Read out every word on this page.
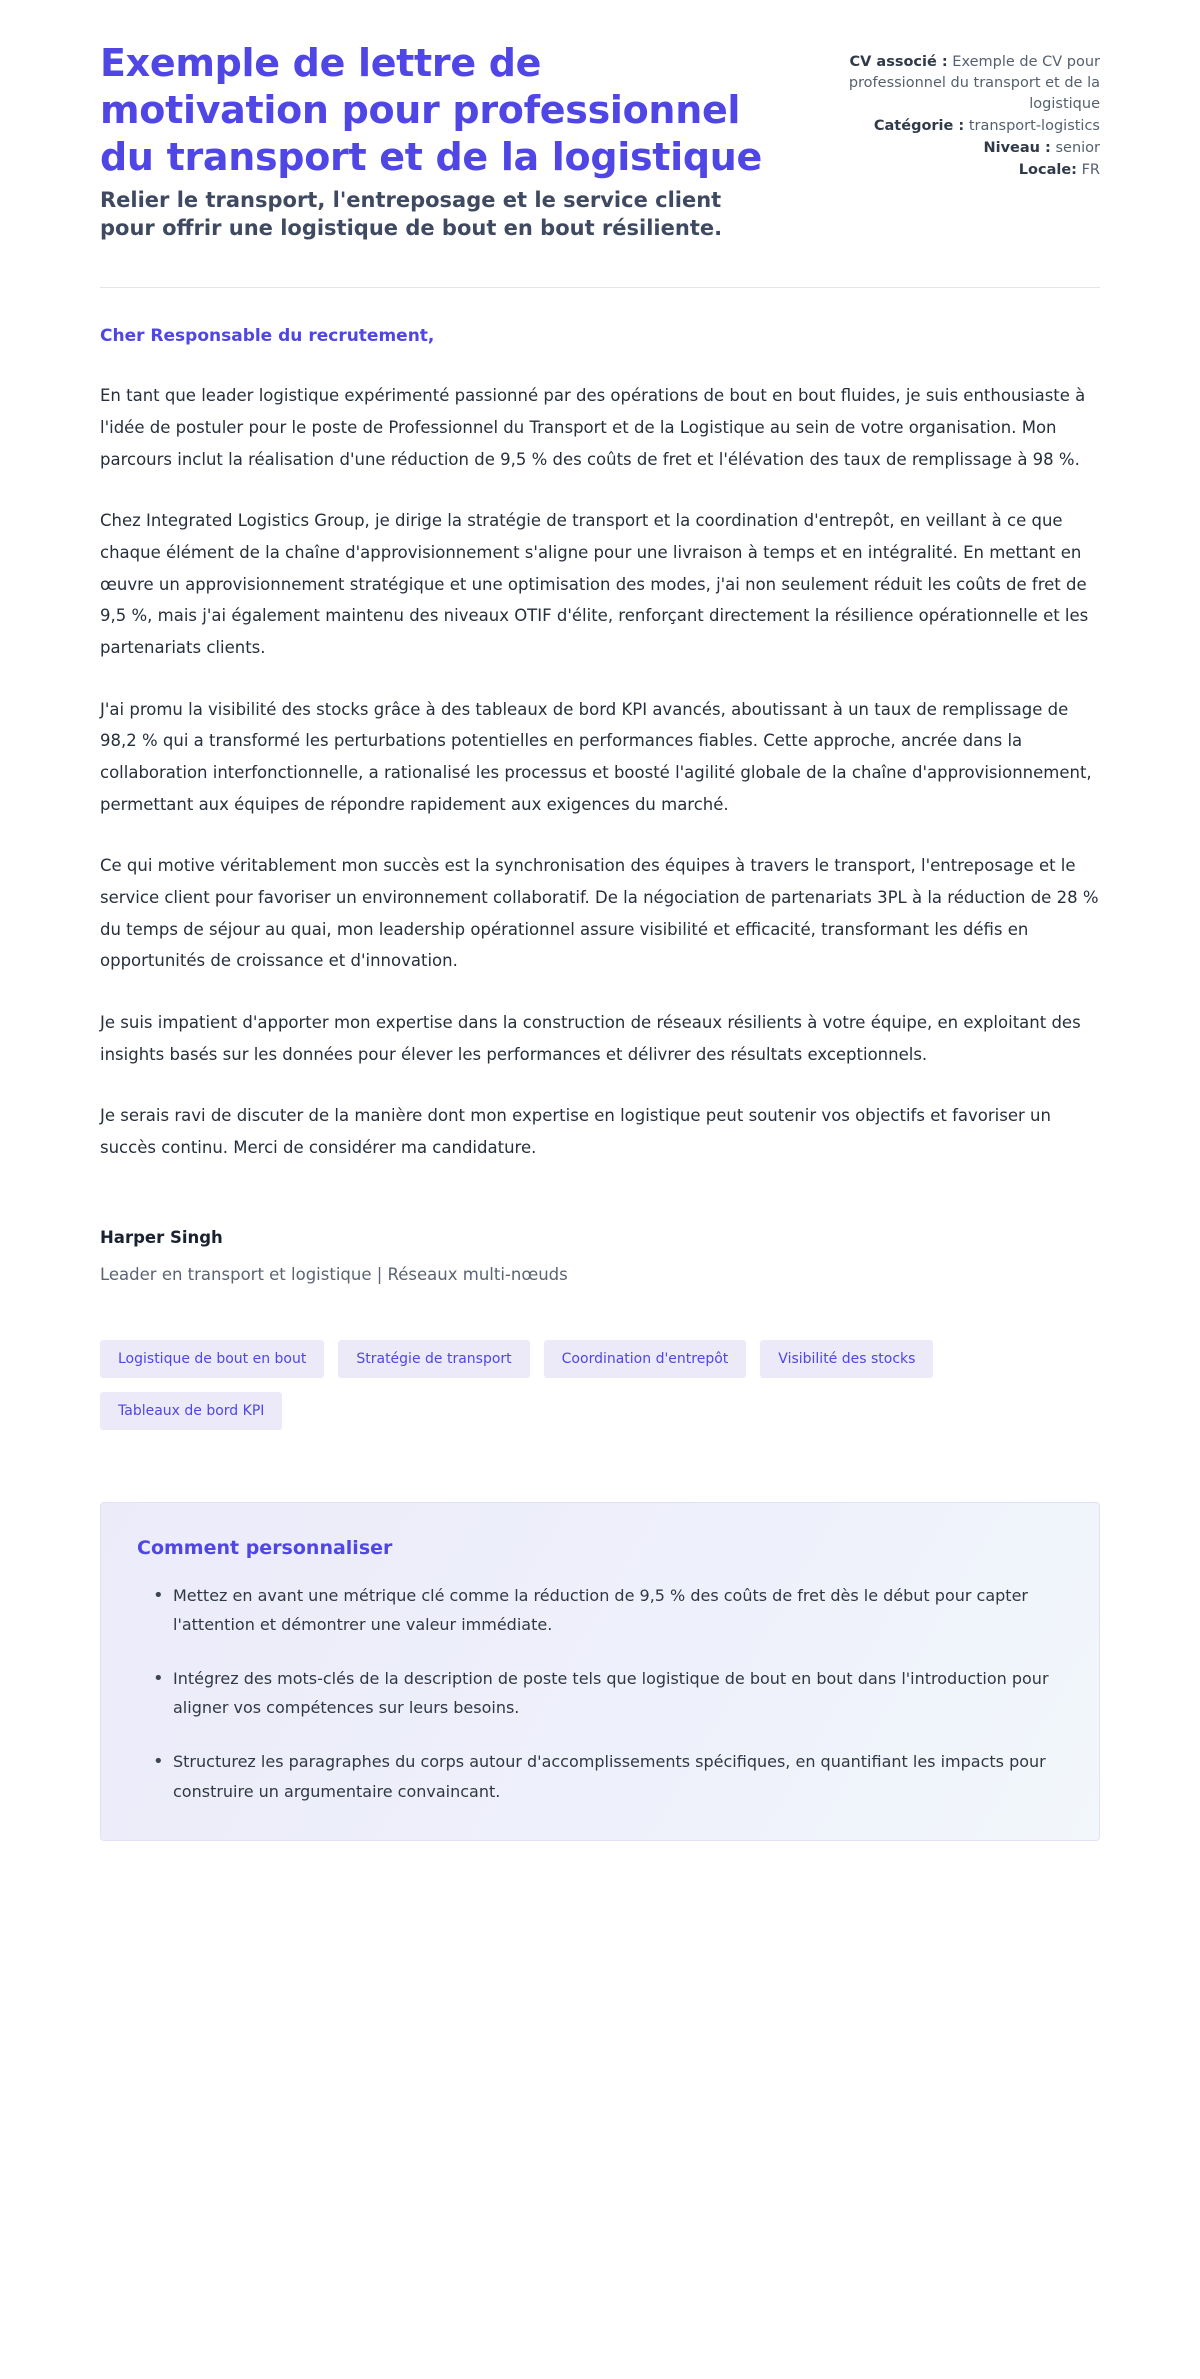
Exemple de lettre de motivation pour professionnel du transport et de la logistique

Relier le transport, l'entreposage et le service client pour offrir une logistique de bout en bout résiliente.

CV associé : Exemple de CV pour professionnel du transport et de la logistique
Catégorie : transport-logistics
Niveau : senior
Locale: FR

Cher Responsable du recrutement,

En tant que leader logistique expérimenté passionné par des opérations de bout en bout fluides, je suis enthousiaste à l'idée de postuler pour le poste de Professionnel du Transport et de la Logistique au sein de votre organisation. Mon parcours inclut la réalisation d'une réduction de 9,5 % des coûts de fret et l'élévation des taux de remplissage à 98 %.

Chez Integrated Logistics Group, je dirige la stratégie de transport et la coordination d'entrepôt, en veillant à ce que chaque élément de la chaîne d'approvisionnement s'aligne pour une livraison à temps et en intégralité. En mettant en œuvre un approvisionnement stratégique et une optimisation des modes, j'ai non seulement réduit les coûts de fret de 9,5 %, mais j'ai également maintenu des niveaux OTIF d'élite, renforçant directement la résilience opérationnelle et les partenariats clients.

J'ai promu la visibilité des stocks grâce à des tableaux de bord KPI avancés, aboutissant à un taux de remplissage de 98,2 % qui a transformé les perturbations potentielles en performances fiables. Cette approche, ancrée dans la collaboration interfonctionnelle, a rationalisé les processus et boosté l'agilité globale de la chaîne d'approvisionnement, permettant aux équipes de répondre rapidement aux exigences du marché.

Ce qui motive véritablement mon succès est la synchronisation des équipes à travers le transport, l'entreposage et le service client pour favoriser un environnement collaboratif. De la négociation de partenariats 3PL à la réduction de 28 % du temps de séjour au quai, mon leadership opérationnel assure visibilité et efficacité, transformant les défis en opportunités de croissance et d'innovation.

Je suis impatient d'apporter mon expertise dans la construction de réseaux résilients à votre équipe, en exploitant des insights basés sur les données pour élever les performances et délivrer des résultats exceptionnels.

Je serais ravi de discuter de la manière dont mon expertise en logistique peut soutenir vos objectifs et favoriser un succès continu. Merci de considérer ma candidature.

Harper Singh

Leader en transport et logistique | Réseaux multi-nœuds

Logistique de bout en bout	Stratégie de transport	Coordination d'entrepôt	Visibilité des stocks
Tableaux de bord KPI
Comment personnaliser
• Mettez en avant une métrique clé comme la réduction de 9,5 % des coûts de fret dès le début pour capter l'attention et démontrer une valeur immédiate.
• Intégrez des mots-clés de la description de poste tels que logistique de bout en bout dans l'introduction pour aligner vos compétences sur leurs besoins.
• Structurez les paragraphes du corps autour d'accomplissements spécifiques, en quantifiant les impacts pour construire un argumentaire convaincant.
